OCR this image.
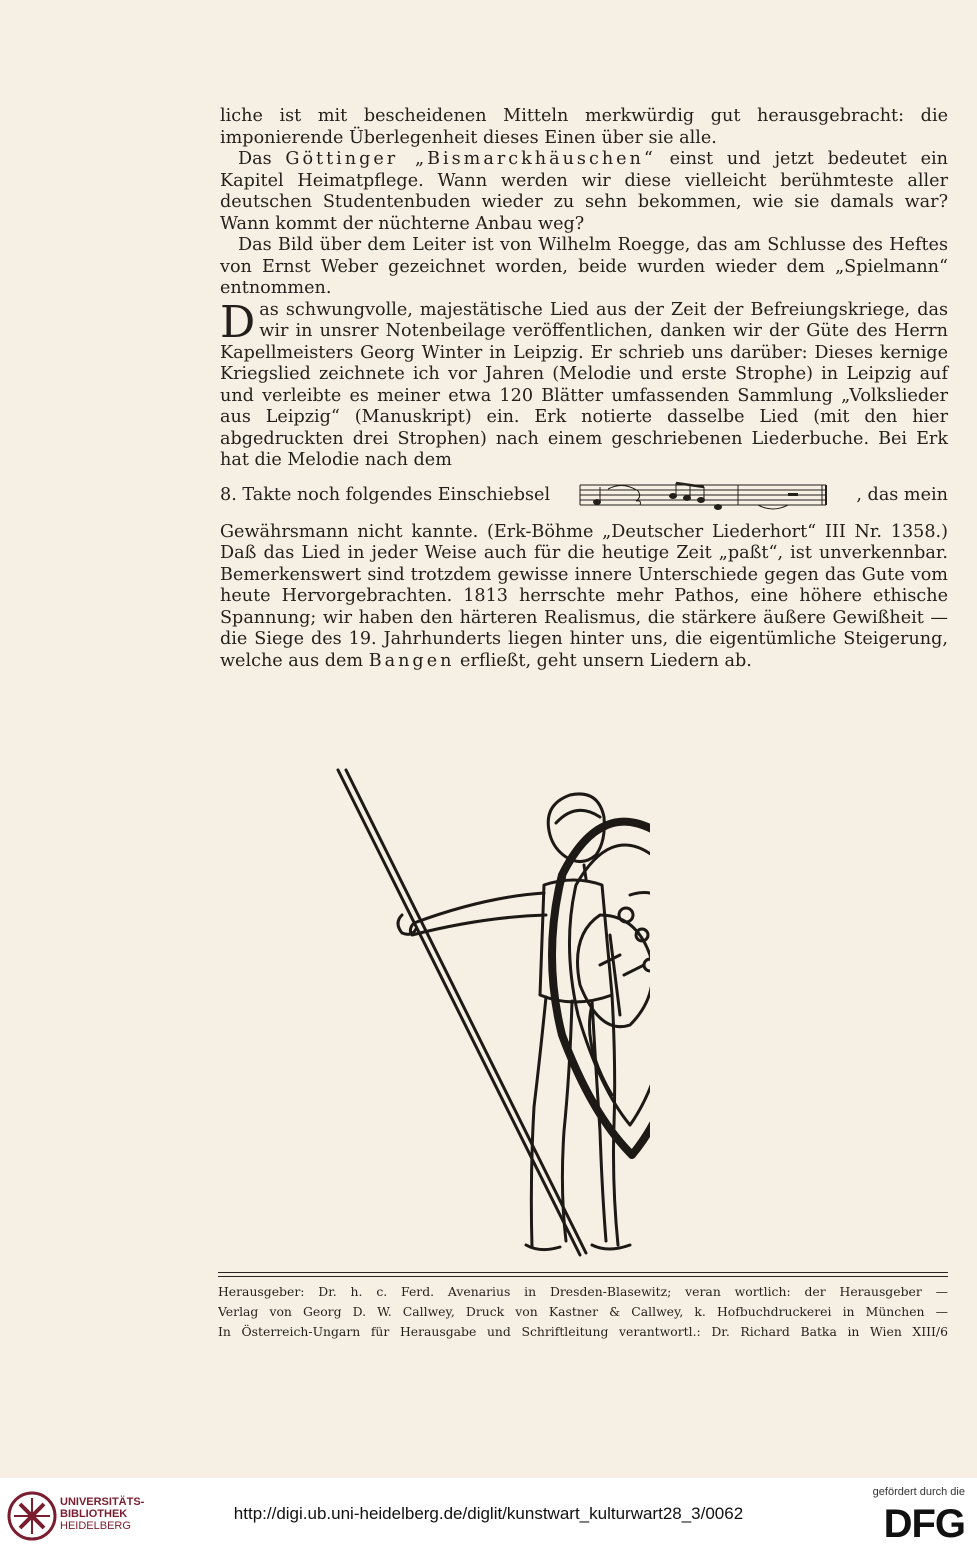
liche ist mit bescheidenen Mitteln merkwürdig gut herausgebracht: die imponierende Überlegenheit dieses Einen über sie alle.

Das Göttinger „Bismarckhäuschen“ einst und jetzt bedeutet ein Kapitel Heimatpflege. Wann werden wir diese vielleicht berühmteste aller deutschen Studentenbuden wieder zu sehn bekommen, wie sie damals war? Wann kommt der nüchterne Anbau weg?

Das Bild über dem Leiter ist von Wilhelm Roegge, das am Schlusse des Heftes von Ernst Weber gezeichnet worden, beide wurden wieder dem „Spielmann“ entnommen.

Das schwungvolle, majestätische Lied aus der Zeit der Befreiungskriege, das wir in unsrer Notenbeilage veröffentlichen, danken wir der Güte des Herrn Kapellmeisters Georg Winter in Leipzig. Er schrieb uns darüber: Dieses kernige Kriegslied zeichnete ich vor Jahren (Melodie und erste Strophe) in Leipzig auf und verleibte es meiner etwa 120 Blätter umfassenden Sammlung „Volkslieder aus Leipzig“ (Manuskript) ein. Erk notierte dasselbe Lied (mit den hier abgedruckten drei Strophen) nach einem geschriebenen Liederbuche. Bei Erk hat die Melodie nach dem

8. Takte noch folgendes Einschiebsel	, das mein

Gewährsmann nicht kannte. (Erk-Böhme „Deutscher Liederhort“ III Nr. 1358.) Daß das Lied in jeder Weise auch für die heutige Zeit „paßt“, ist unverkennbar. Bemerkenswert sind trotzdem gewisse innere Unterschiede gegen das Gute vom heute Hervorgebrachten. 1813 herrschte mehr Pathos, eine höhere ethische Spannung; wir haben den härteren Realismus, die stärkere äußere Gewißheit — die Siege des 19. Jahrhunderts liegen hinter uns, die eigentümliche Steigerung, welche aus dem Bangen erfließt, geht unsern Liedern ab.

Herausgeber: Dr. h. c. Ferd. Avenarius in Dresden-Blasewitz; veran wortlich: der Herausgeber —

Verlag von Georg D. W. Callwey, Druck von Kastner & Callwey, k. Hofbuchdruckerei in München —

In Österreich-Ungarn für Herausgabe und Schriftleitung verantwortl.: Dr. Richard Batka in Wien XIII/6

UNIVERSITÄTS-
BIBLIOTHEK
HEIDELBERG
http://digi.ub.uni-heidelberg.de/diglit/kunstwart_kulturwart28_3/0062
gefördert durch die
DFG
